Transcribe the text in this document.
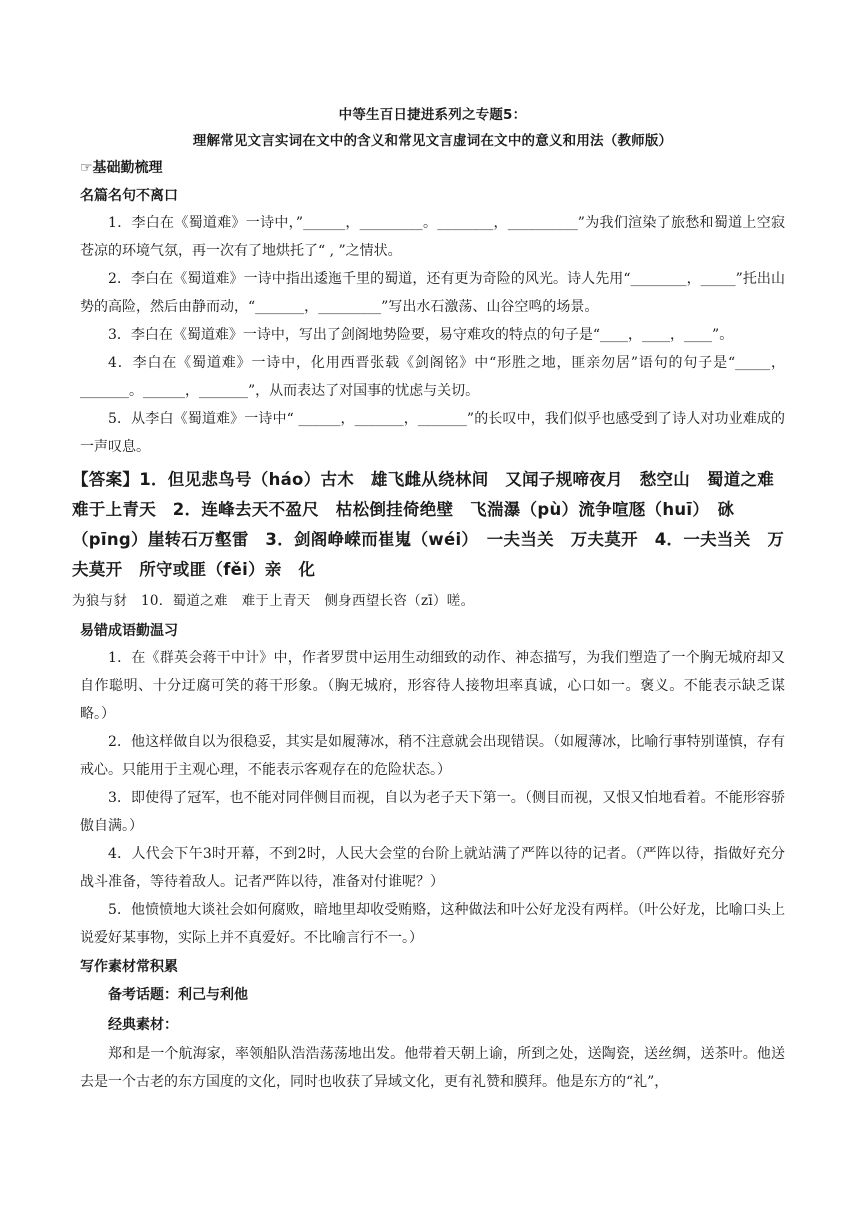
中等生百日捷进系列之专题5：
理解常见文言实词在文中的含义和常见文言虚词在文中的意义和用法（教师版）
☞基础勤梳理
名篇名句不离口

1．李白在《蜀道难》一诗中，”______，_________。________，__________”为我们渲染了旅愁和蜀道上空寂苍凉的环境气氛，再一次有了地烘托了“ , ”之情状。

2．李白在《蜀道难》一诗中指出逶迤千里的蜀道，还有更为奇险的风光。诗人先用“________，_____”托出山势的高险，然后由静而动，“_______，_________”写出水石激荡、山谷空鸣的场景。

3．李白在《蜀道难》一诗中，写出了剑阁地势险要，易守难攻的特点的句子是“____，____，____”。

4．李白在《蜀道难》一诗中，化用西晋张载《剑阁铭》中“形胜之地，匪亲勿居”语句的句子是“_____，_______。______，_______”，从而表达了对国事的忧虑与关切。

5．从李白《蜀道难》一诗中“ ______，_______，_______”的长叹中，我们似乎也感受到了诗人对功业难成的一声叹息。

【答案】1．但见悲鸟号（háo）古木　雄飞雌从绕林间　又闻子规啼夜月　愁空山　蜀道之难　难于上青天　2．连峰去天不盈尺　枯松倒挂倚绝壁　飞湍瀑（pù）流争喧豗（huī）　砯（pīng）崖转石万壑雷　3．剑阁峥嵘而崔嵬（wéi）　一夫当关　万夫莫开　4．一夫当关　万夫莫开　所守或匪（fěi）亲　化
为狼与豺　10．蜀道之难　难于上青天　侧身西望长咨（zī）嗟。
易错成语勤温习

1．在《群英会蒋干中计》中，作者罗贯中运用生动细致的动作、神态描写，为我们塑造了一个胸无城府却又自作聪明、十分迂腐可笑的蒋干形象。（胸无城府，形容待人接物坦率真诚，心口如一。褒义。不能表示缺乏谋略。）

2．他这样做自以为很稳妥，其实是如履薄冰，稍不注意就会出现错误。（如履薄冰，比喻行事特别谨慎，存有戒心。只能用于主观心理，不能表示客观存在的危险状态。）

3．即使得了冠军，也不能对同伴侧目而视，自以为老子天下第一。（侧目而视，又恨又怕地看着。不能形容骄傲自满。）

4．人代会下午3时开幕，不到2时，人民大会堂的台阶上就站满了严阵以待的记者。（严阵以待，指做好充分战斗准备，等待着敌人。记者严阵以待，准备对付谁呢？）

5．他愤愤地大谈社会如何腐败，暗地里却收受贿赂，这种做法和叶公好龙没有两样。（叶公好龙，比喻口头上说爱好某事物，实际上并不真爱好。不比喻言行不一。）

写作素材常积累

备考话题：利己与利他

经典素材：

郑和是一个航海家，率领船队浩浩荡荡地出发。他带着天朝上谕，所到之处，送陶瓷，送丝绸，送茶叶。他送去是一个古老的东方国度的文化，同时也收获了异域文化，更有礼赞和膜拜。他是东方的“礼”，
